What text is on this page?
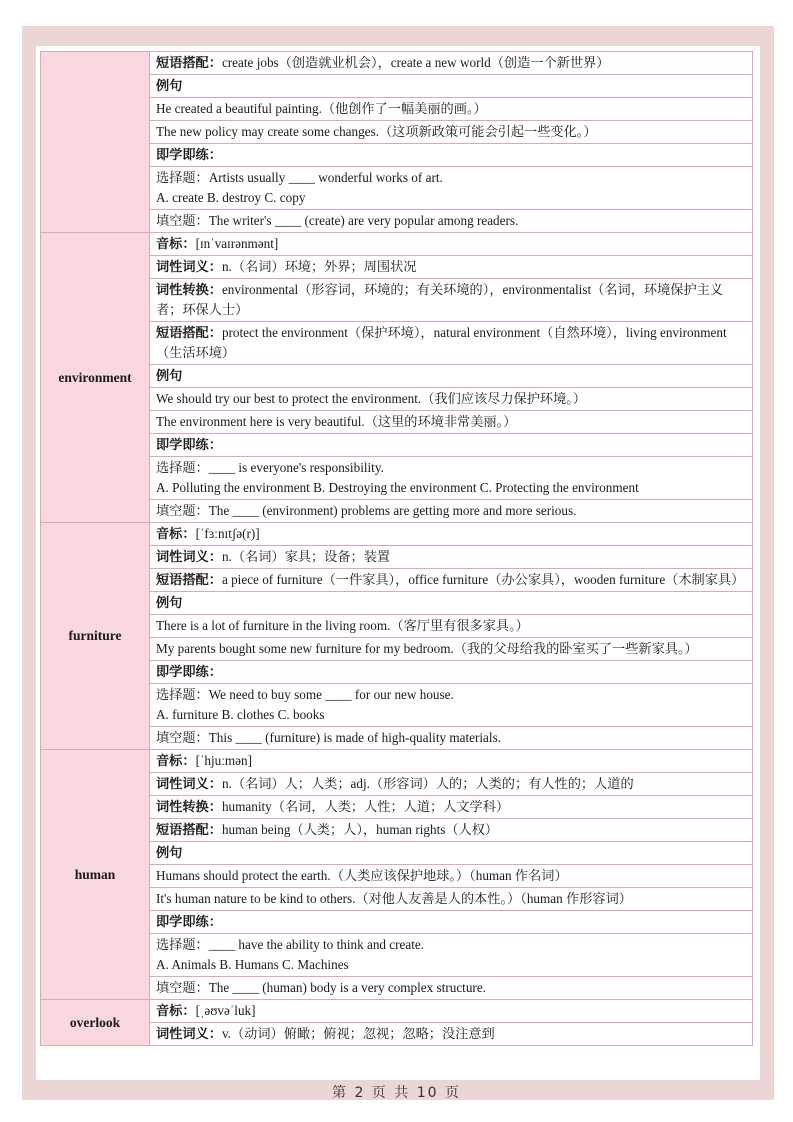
	短语搭配：create jobs（创造就业机会），create a new world（创造一个新世界）
	例句
	He created a beautiful painting.（他创作了一幅美丽的画。）
	The new policy may create some changes.（这项新政策可能会引起一些变化。）
	即学即练：
	选择题：Artists usually ____ wonderful works of art.
A. create B. destroy C. copy

	填空题：The writer's ____ (create) are very popular among readers.
environment	音标：[ɪnˈvaɪrənmənt]
	词性词义：n.（名词）环境；外界；周围状况
	词性转换：environmental（形容词，环境的；有关环境的），environmentalist（名词，环境保护主义者；环保人士）
	短语搭配：protect the environment（保护环境），natural environment（自然环境），living environment（生活环境）
	例句
	We should try our best to protect the environment.（我们应该尽力保护环境。）
	The environment here is very beautiful.（这里的环境非常美丽。）
	即学即练：
	选择题：____ is everyone's responsibility.
A. Polluting the environment B. Destroying the environment C. Protecting the environment

	填空题：The ____ (environment) problems are getting more and more serious.
furniture	音标：[ˈfɜːnɪtʃə(r)]
	词性词义：n.（名词）家具；设备；装置
	短语搭配：a piece of furniture（一件家具），office furniture（办公家具），wooden furniture（木制家具）
	例句
	There is a lot of furniture in the living room.（客厅里有很多家具。）
	My parents bought some new furniture for my bedroom.（我的父母给我的卧室买了一些新家具。）
	即学即练：
	选择题：We need to buy some ____ for our new house.
A. furniture B. clothes C. books

	填空题：This ____ (furniture) is made of high-quality materials.
human	音标：[ˈhjuːmən]
	词性词义：n.（名词）人；人类；adj.（形容词）人的；人类的；有人性的；人道的
	词性转换：humanity（名词，人类；人性；人道；人文学科）
	短语搭配：human being（人类；人），human rights（人权）
	例句
	Humans should protect the earth.（人类应该保护地球。）（human 作名词）
	It's human nature to be kind to others.（对他人友善是人的本性。）（human 作形容词）
	即学即练：
	选择题：____ have the ability to think and create.
A. Animals B. Humans C. Machines

	填空题：The ____ (human) body is a very complex structure.
overlook	音标：[ˌəʊvəˈluk]
	词性词义：v.（动词）俯瞰；俯视；忽视；忽略；没注意到
第 2 页 共 10 页
